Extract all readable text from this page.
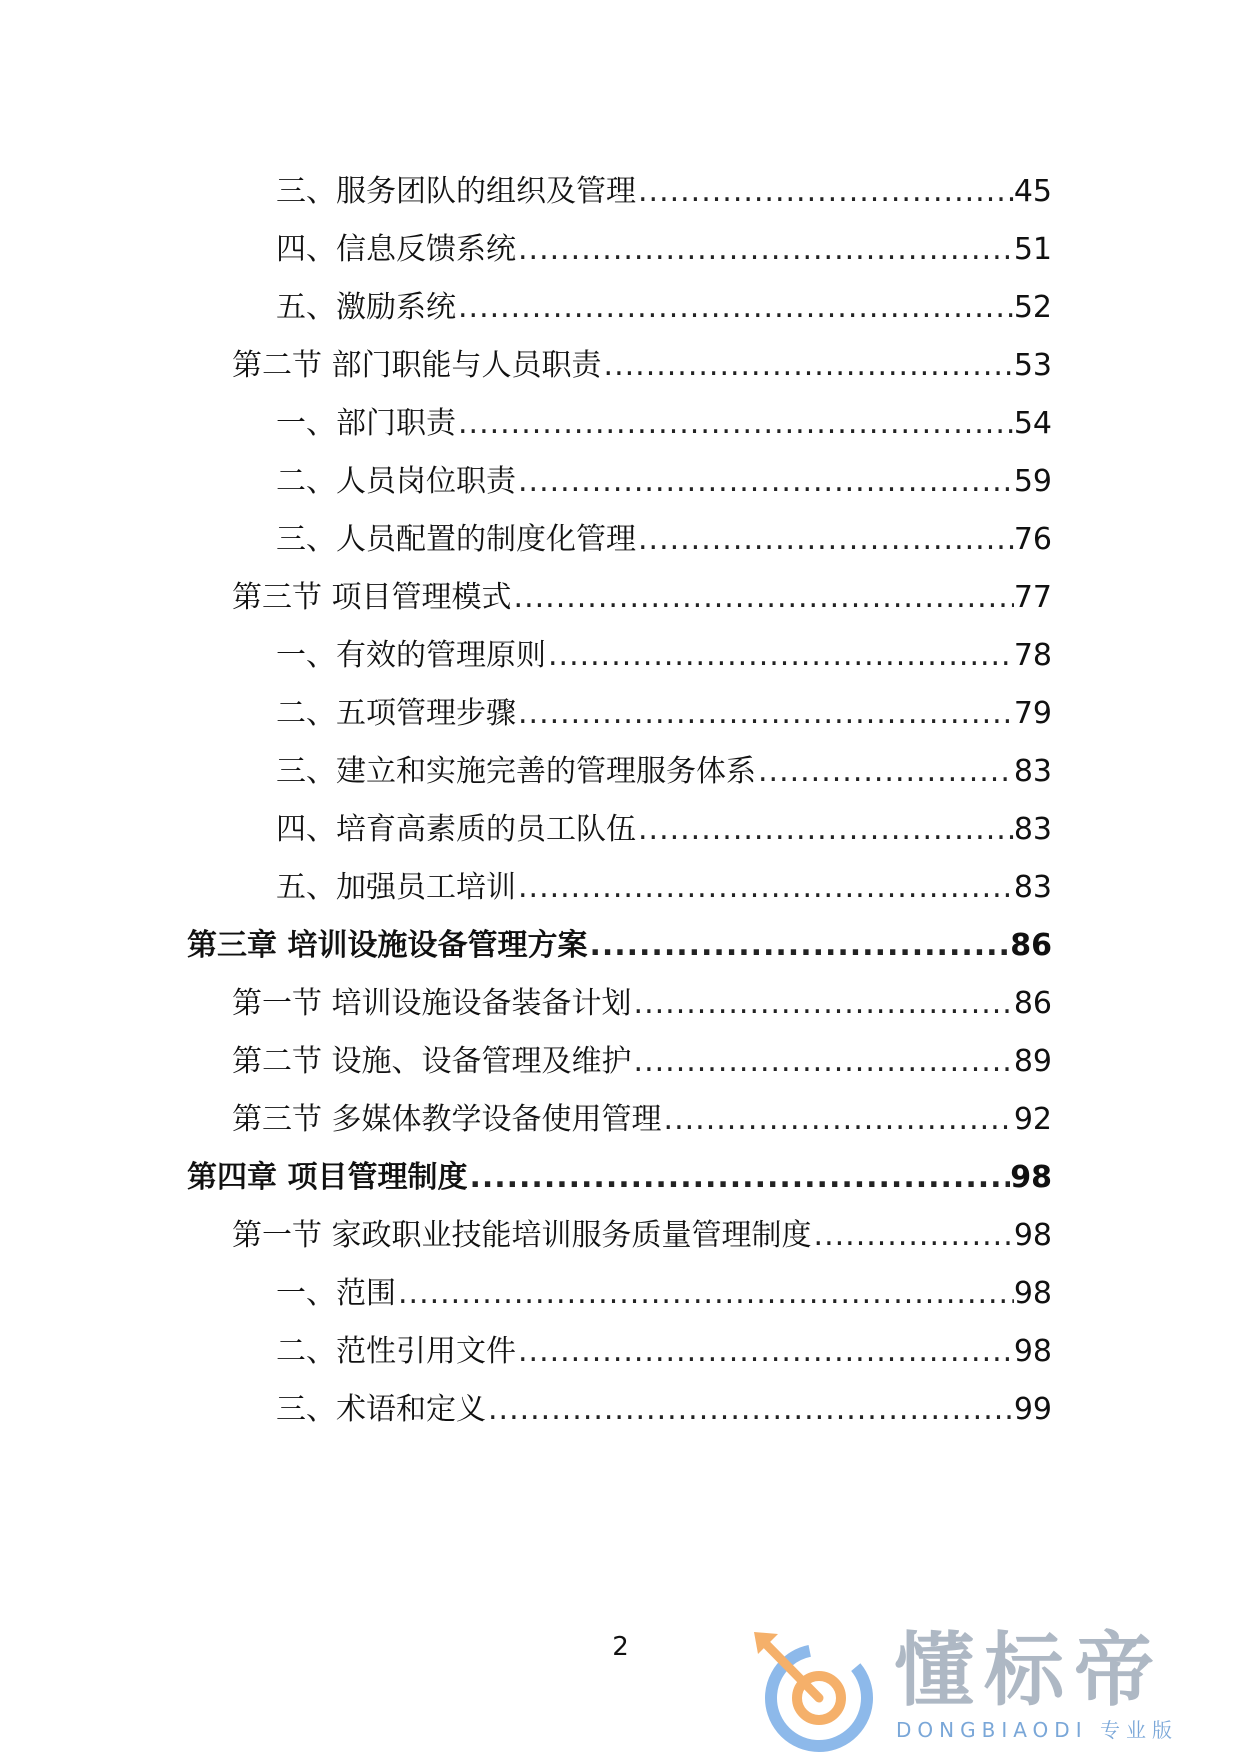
三、服务团队的组织及管理 .....	45
四、信息反馈系统 .....	51
五、激励系统 .....	52
第二节 部门职能与人员职责 .....	53
一、部门职责 .....	54
二、人员岗位职责 .....	59
三、人员配置的制度化管理 .....	76
第三节 项目管理模式 .....	77
一、有效的管理原则 .....	78
二、五项管理步骤 .....	79
三、建立和实施完善的管理服务体系 .....	83
四、培育高素质的员工队伍 .....	83
五、加强员工培训 .....	83
第三章 培训设施设备管理方案 .....	86
第一节 培训设施设备装备计划 .....	86
第二节 设施、设备管理及维护 .....	89
第三节 多媒体教学设备使用管理 .....	92
第四章 项目管理制度 .....	98
第一节 家政职业技能培训服务质量管理制度 .....	98
一、范围 .....	98
二、范性引用文件 .....	98
三、术语和定义 .....	99
2	懂标帝
DONGBIAODI 专业版
